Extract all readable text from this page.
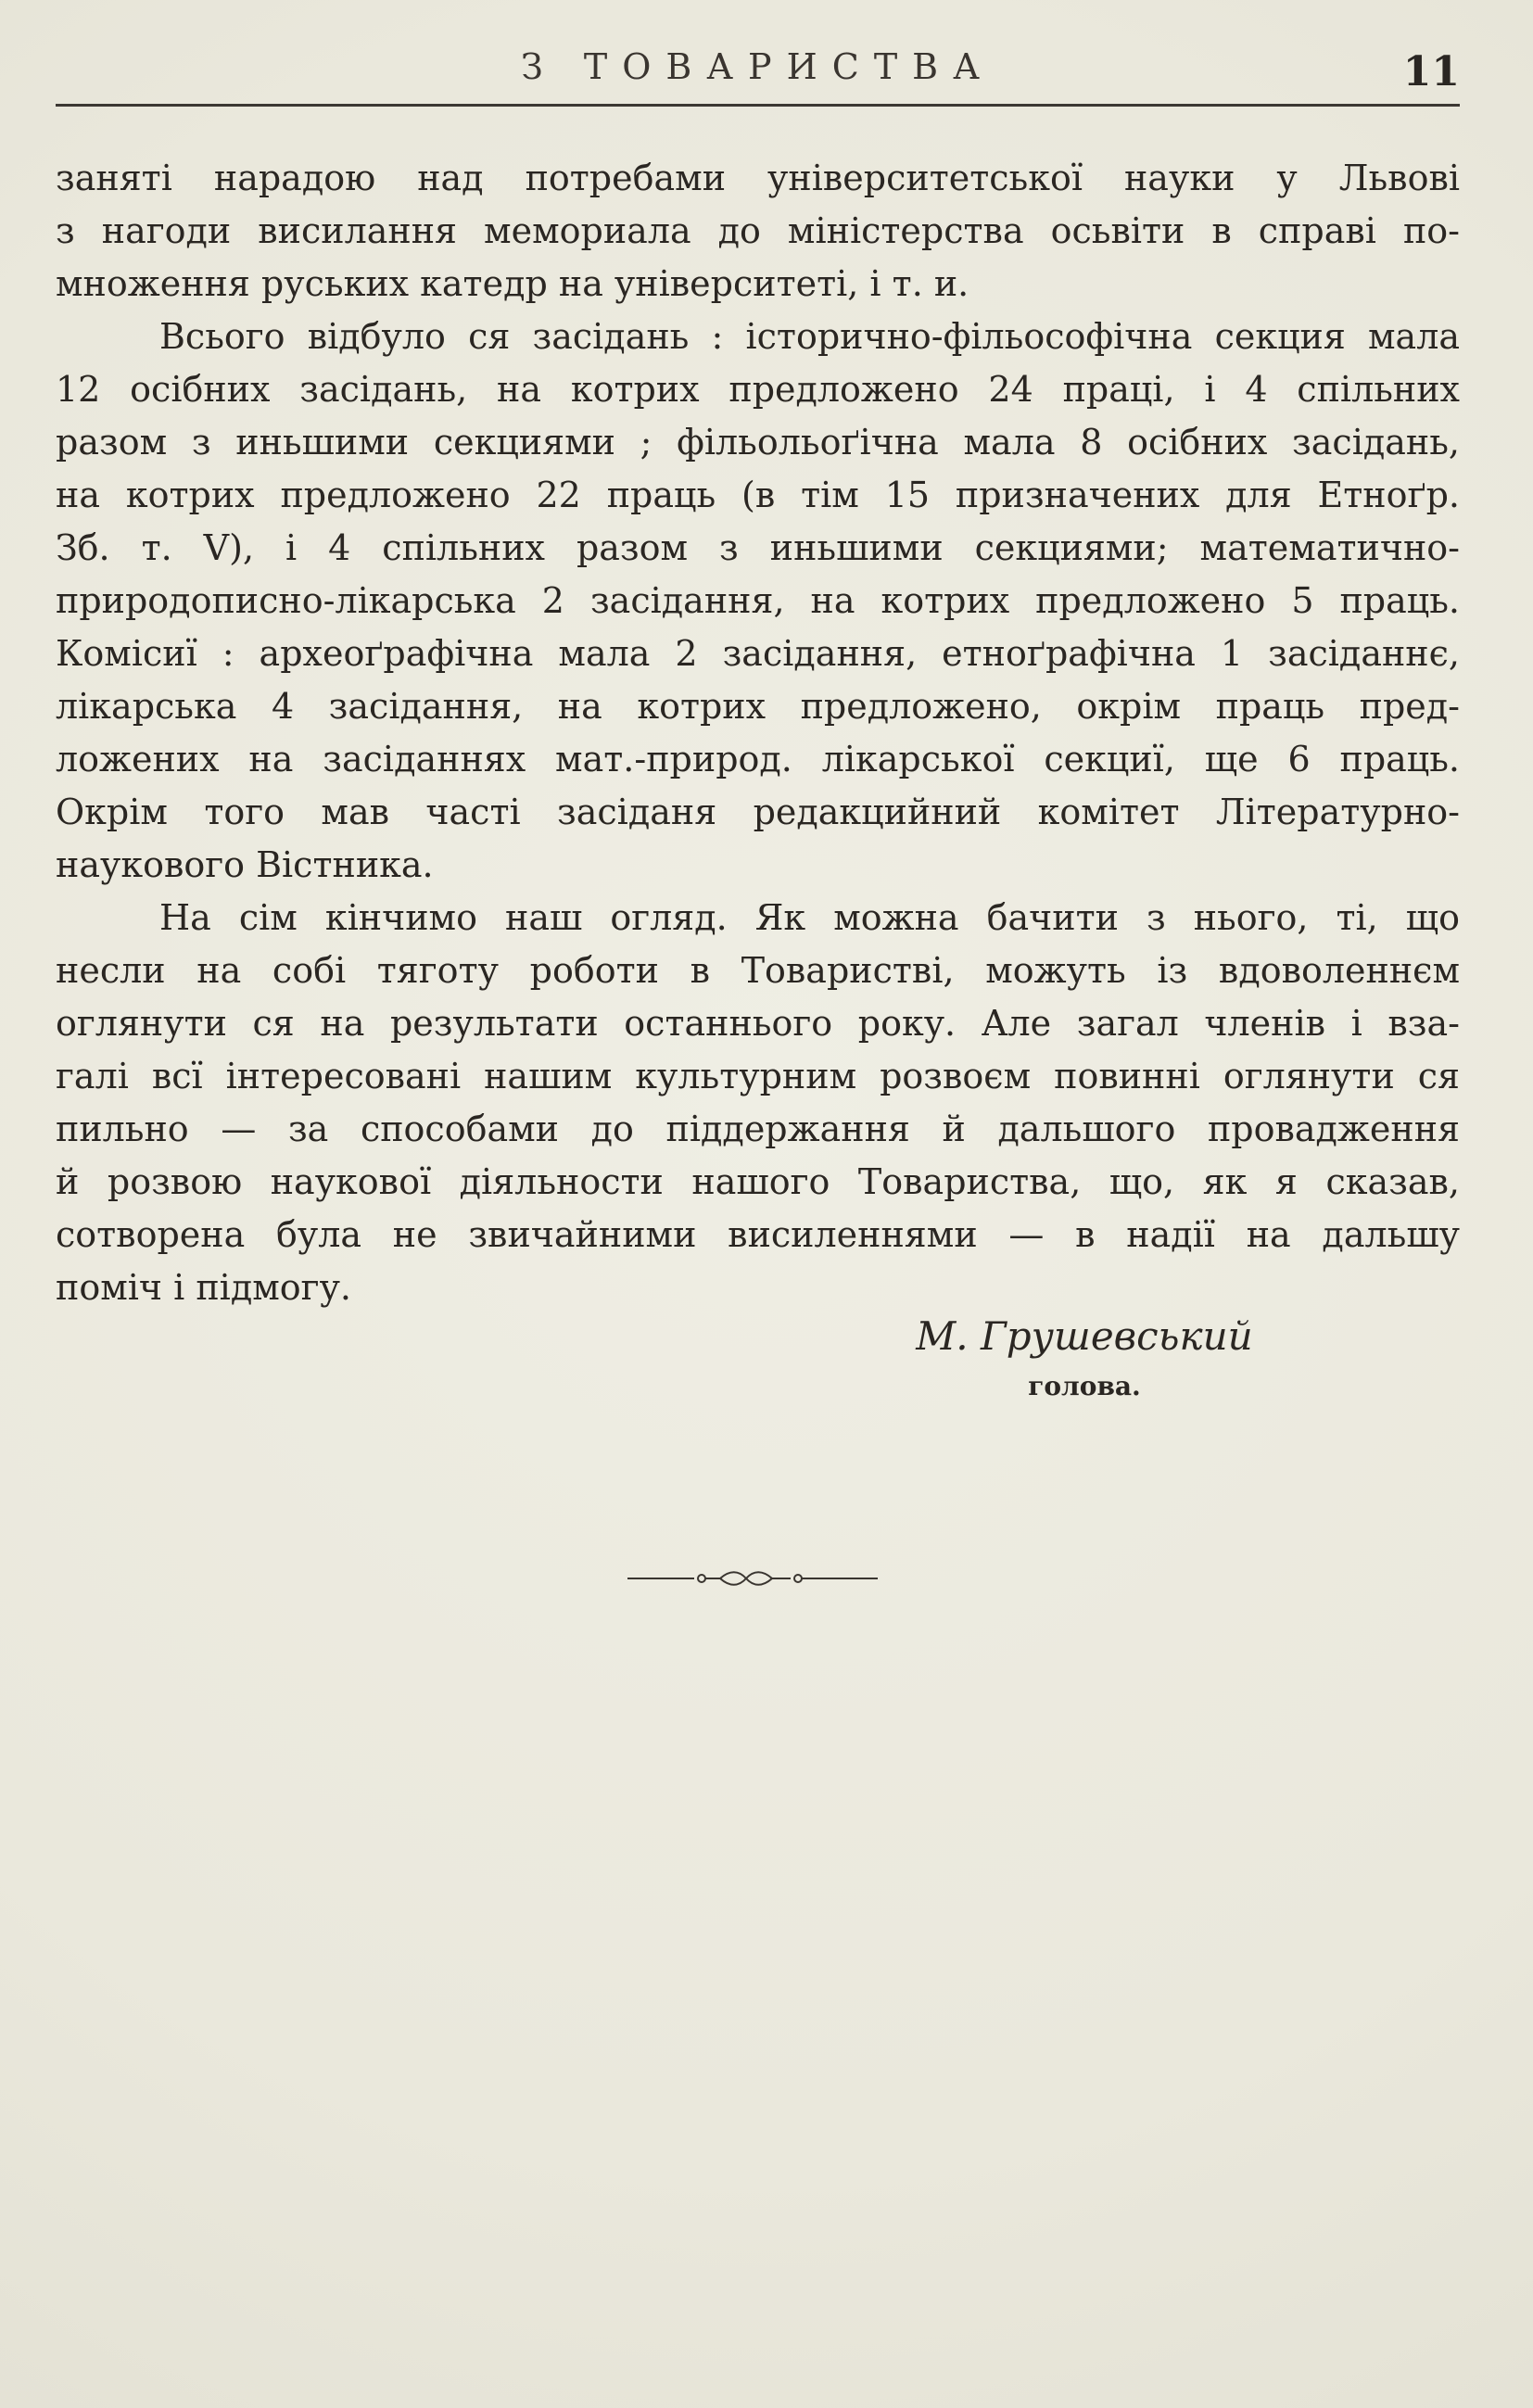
З ТОВАРИСТВА	11
заняті нарадою над потребами університетської науки у Львові
з нагоди висилання мемориала до міністерства осьвіти в справі по-
множення руських катедр на університеті, і т. и.
Всього відбуло ся засідань : історично-фільософічна секция мала
12 осібних засідань, на котрих предложено 24 праці, і 4 спільних
разом з иньшими секциями ; фільольоґічна мала 8 осібних засідань,
на котрих предложено 22 праць (в тім 15 призначених для Етноґр.
Зб. т. V), і 4 спільних разом з иньшими секциями; математично-
природописно-лікарська 2 засідання, на котрих предложено 5 праць.
Комісиї : археоґрафічна мала 2 засідання, етноґрафічна 1 засіданнє,
лікарська 4 засідання, на котрих предложено, окрім праць пред-
ложених на засіданнях мат.-природ. лікарської секциї, ще 6 праць.
Окрім того мав часті засіданя редакцийний комітет Літературно-
наукового Вістника.
На сім кінчимо наш огляд. Як можна бачити з нього, ті, що
несли на собі тяготу роботи в Товаристві, можуть із вдоволеннєм
оглянути ся на результати останнього року. Але загал членів і вза-
галі всї інтересовані нашим культурним розвоєм повинні оглянути ся
пильно — за способами до піддержання й дальшого провадження
й розвою наукової діяльности нашого Товариства, що, як я сказав,
сотворена була не звичайними висиленнями — в надії на дальшу
поміч і підмогу.
М. Грушевський
голова.
